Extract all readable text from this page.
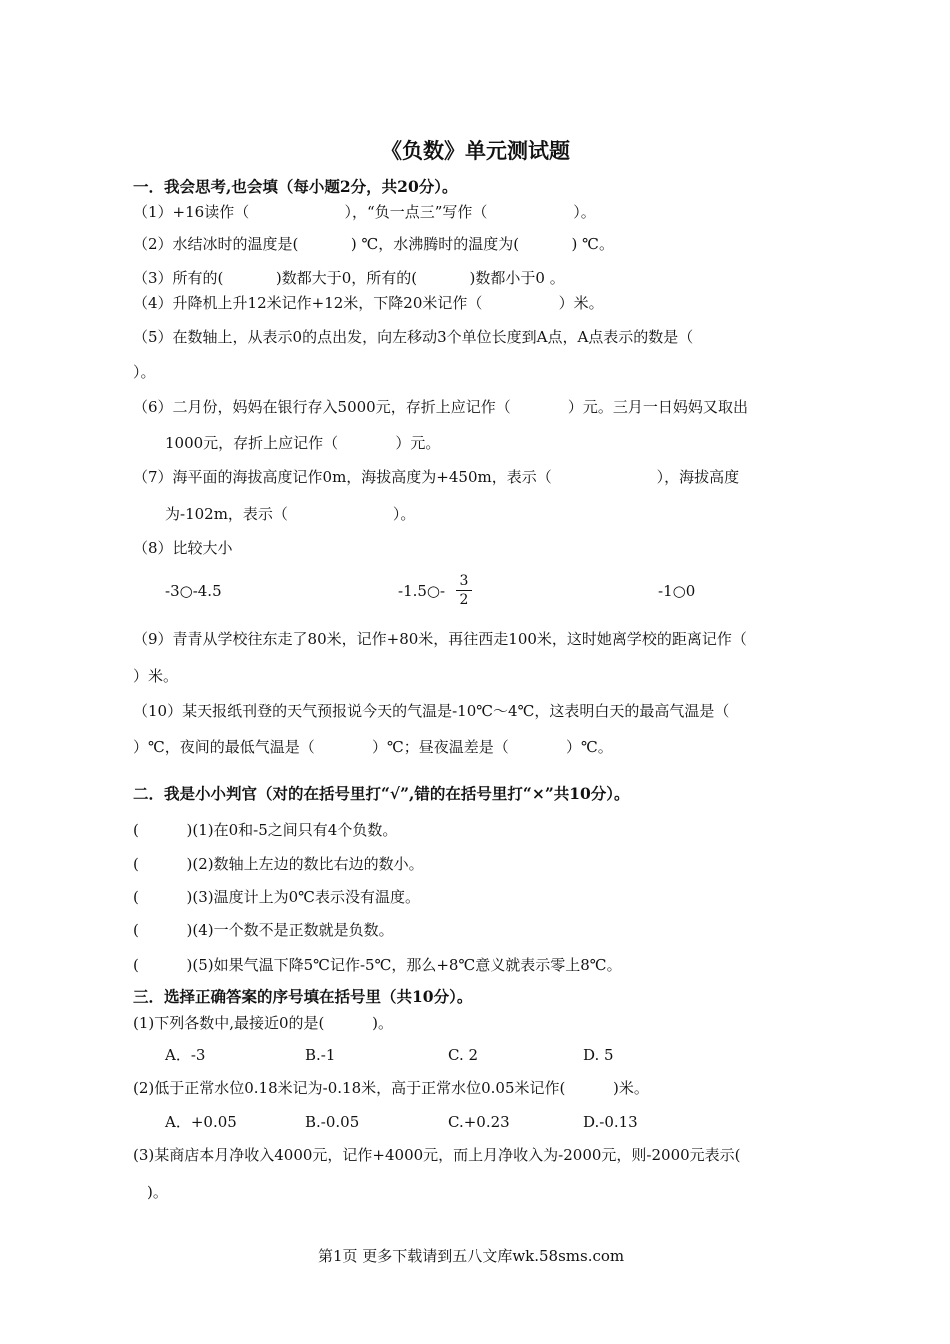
《负数》单元测试题
一．我会思考,也会填（每小题2分，共20分）。
（1）+16读作（                    ），“负一点三”写作（                  ）。
（2）水结冰时的温度是(           ) ℃，水沸腾时的温度为(           ) ℃。
（3）所有的(           )数都大于0，所有的(           )数都小于0 。
（4）升降机上升12米记作+12米，下降20米记作（                ）米。
（5）在数轴上，从表示0的点出发，向左移动3个单位长度到A点，A点表示的数是（
）。
（6）二月份，妈妈在银行存入5000元，存折上应记作（            ）元。三月一日妈妈又取出
1000元，存折上应记作（            ）元。
（7）海平面的海拔高度记作0m，海拔高度为+450m，表示（                      ），海拔高度
为-102m，表示（                      ）。
（8）比较大小
-3○-4.5	-1.5○-
3
2	-1○0
（9）青青从学校往东走了80米，记作+80米，再往西走100米，这时她离学校的距离记作（
）米。
（10）某天报纸刊登的天气预报说今天的气温是-10℃～4℃，这表明白天的最高气温是（
）℃，夜间的最低气温是（            ）℃；昼夜温差是（            ）℃。
二．我是小小判官（对的在括号里打“√”,错的在括号里打“×”共10分）。
(          )(1)在0和-5之间只有4个负数。
(          )(2)数轴上左边的数比右边的数小。
(          )(3)温度计上为0℃表示没有温度。
(          )(4)一个数不是正数就是负数。
(          )(5)如果气温下降5℃记作-5℃，那么+8℃意义就表示零上8℃。
三．选择正确答案的序号填在括号里（共10分）。
(1)下列各数中,最接近0的是(          )。
A．-3	B.-1	C. 2	D. 5
(2)低于正常水位0.18米记为-0.18米，高于正常水位0.05米记作(          )米。
A．+0.05	B.-0.05	C.+0.23	D.-0.13
(3)某商店本月净收入4000元，记作+4000元，而上月净收入为-2000元，则-2000元表示(
)。
第1页 更多下载请到五八文库wk.58sms.com
